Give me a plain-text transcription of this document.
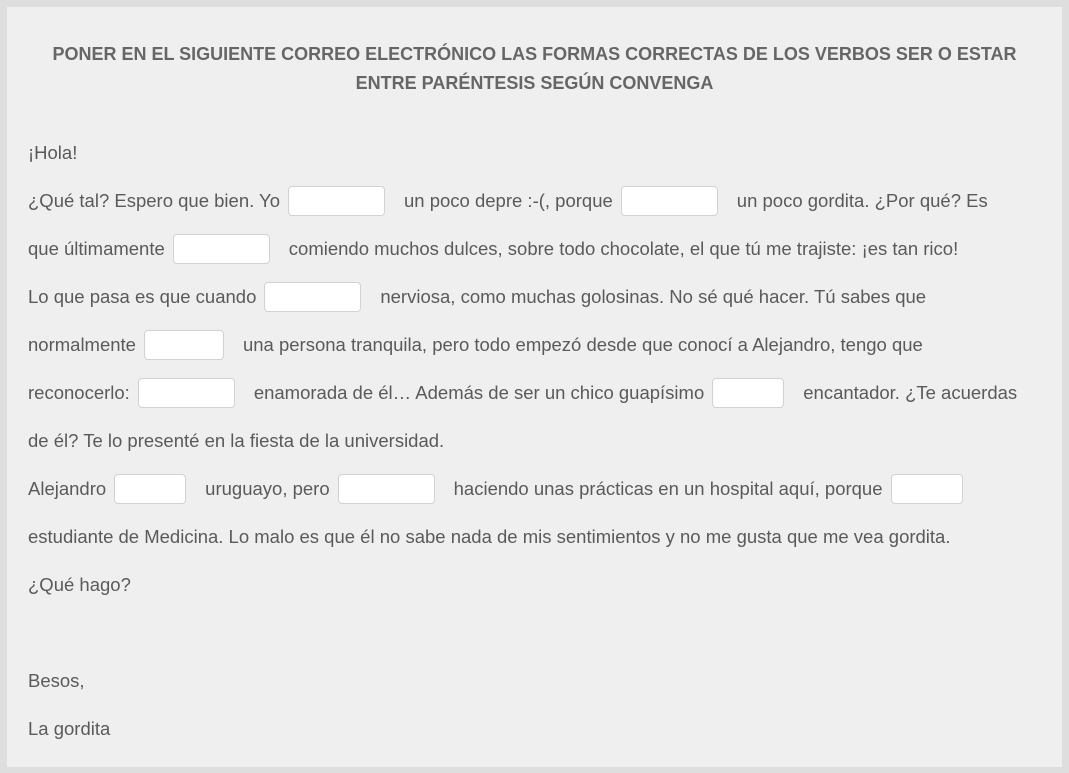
PONER EN EL SIGUIENTE CORREO ELECTRÓNICO LAS FORMAS CORRECTAS DE LOS VERBOS SER O ESTAR
ENTRE PARÉNTESIS SEGÚN CONVENGA
¡Hola!
¿Qué tal? Espero que bien. Yo	un poco depre :-(, porque	un poco gordita. ¿Por qué? Es
que últimamente	comiendo muchos dulces, sobre todo chocolate, el que tú me trajiste: ¡es tan rico!
Lo que pasa es que cuando	nerviosa, como muchas golosinas. No sé qué hacer. Tú sabes que
normalmente	una persona tranquila, pero todo empezó desde que conocí a Alejandro, tengo que
reconocerlo:	enamorada de él… Además de ser un chico guapísimo	encantador. ¿Te acuerdas
de él? Te lo presenté en la fiesta de la universidad.
Alejandro	uruguayo, pero	haciendo unas prácticas en un hospital aquí, porque
estudiante de Medicina. Lo malo es que él no sabe nada de mis sentimientos y no me gusta que me vea gordita.
¿Qué hago?
Besos,
La gordita
